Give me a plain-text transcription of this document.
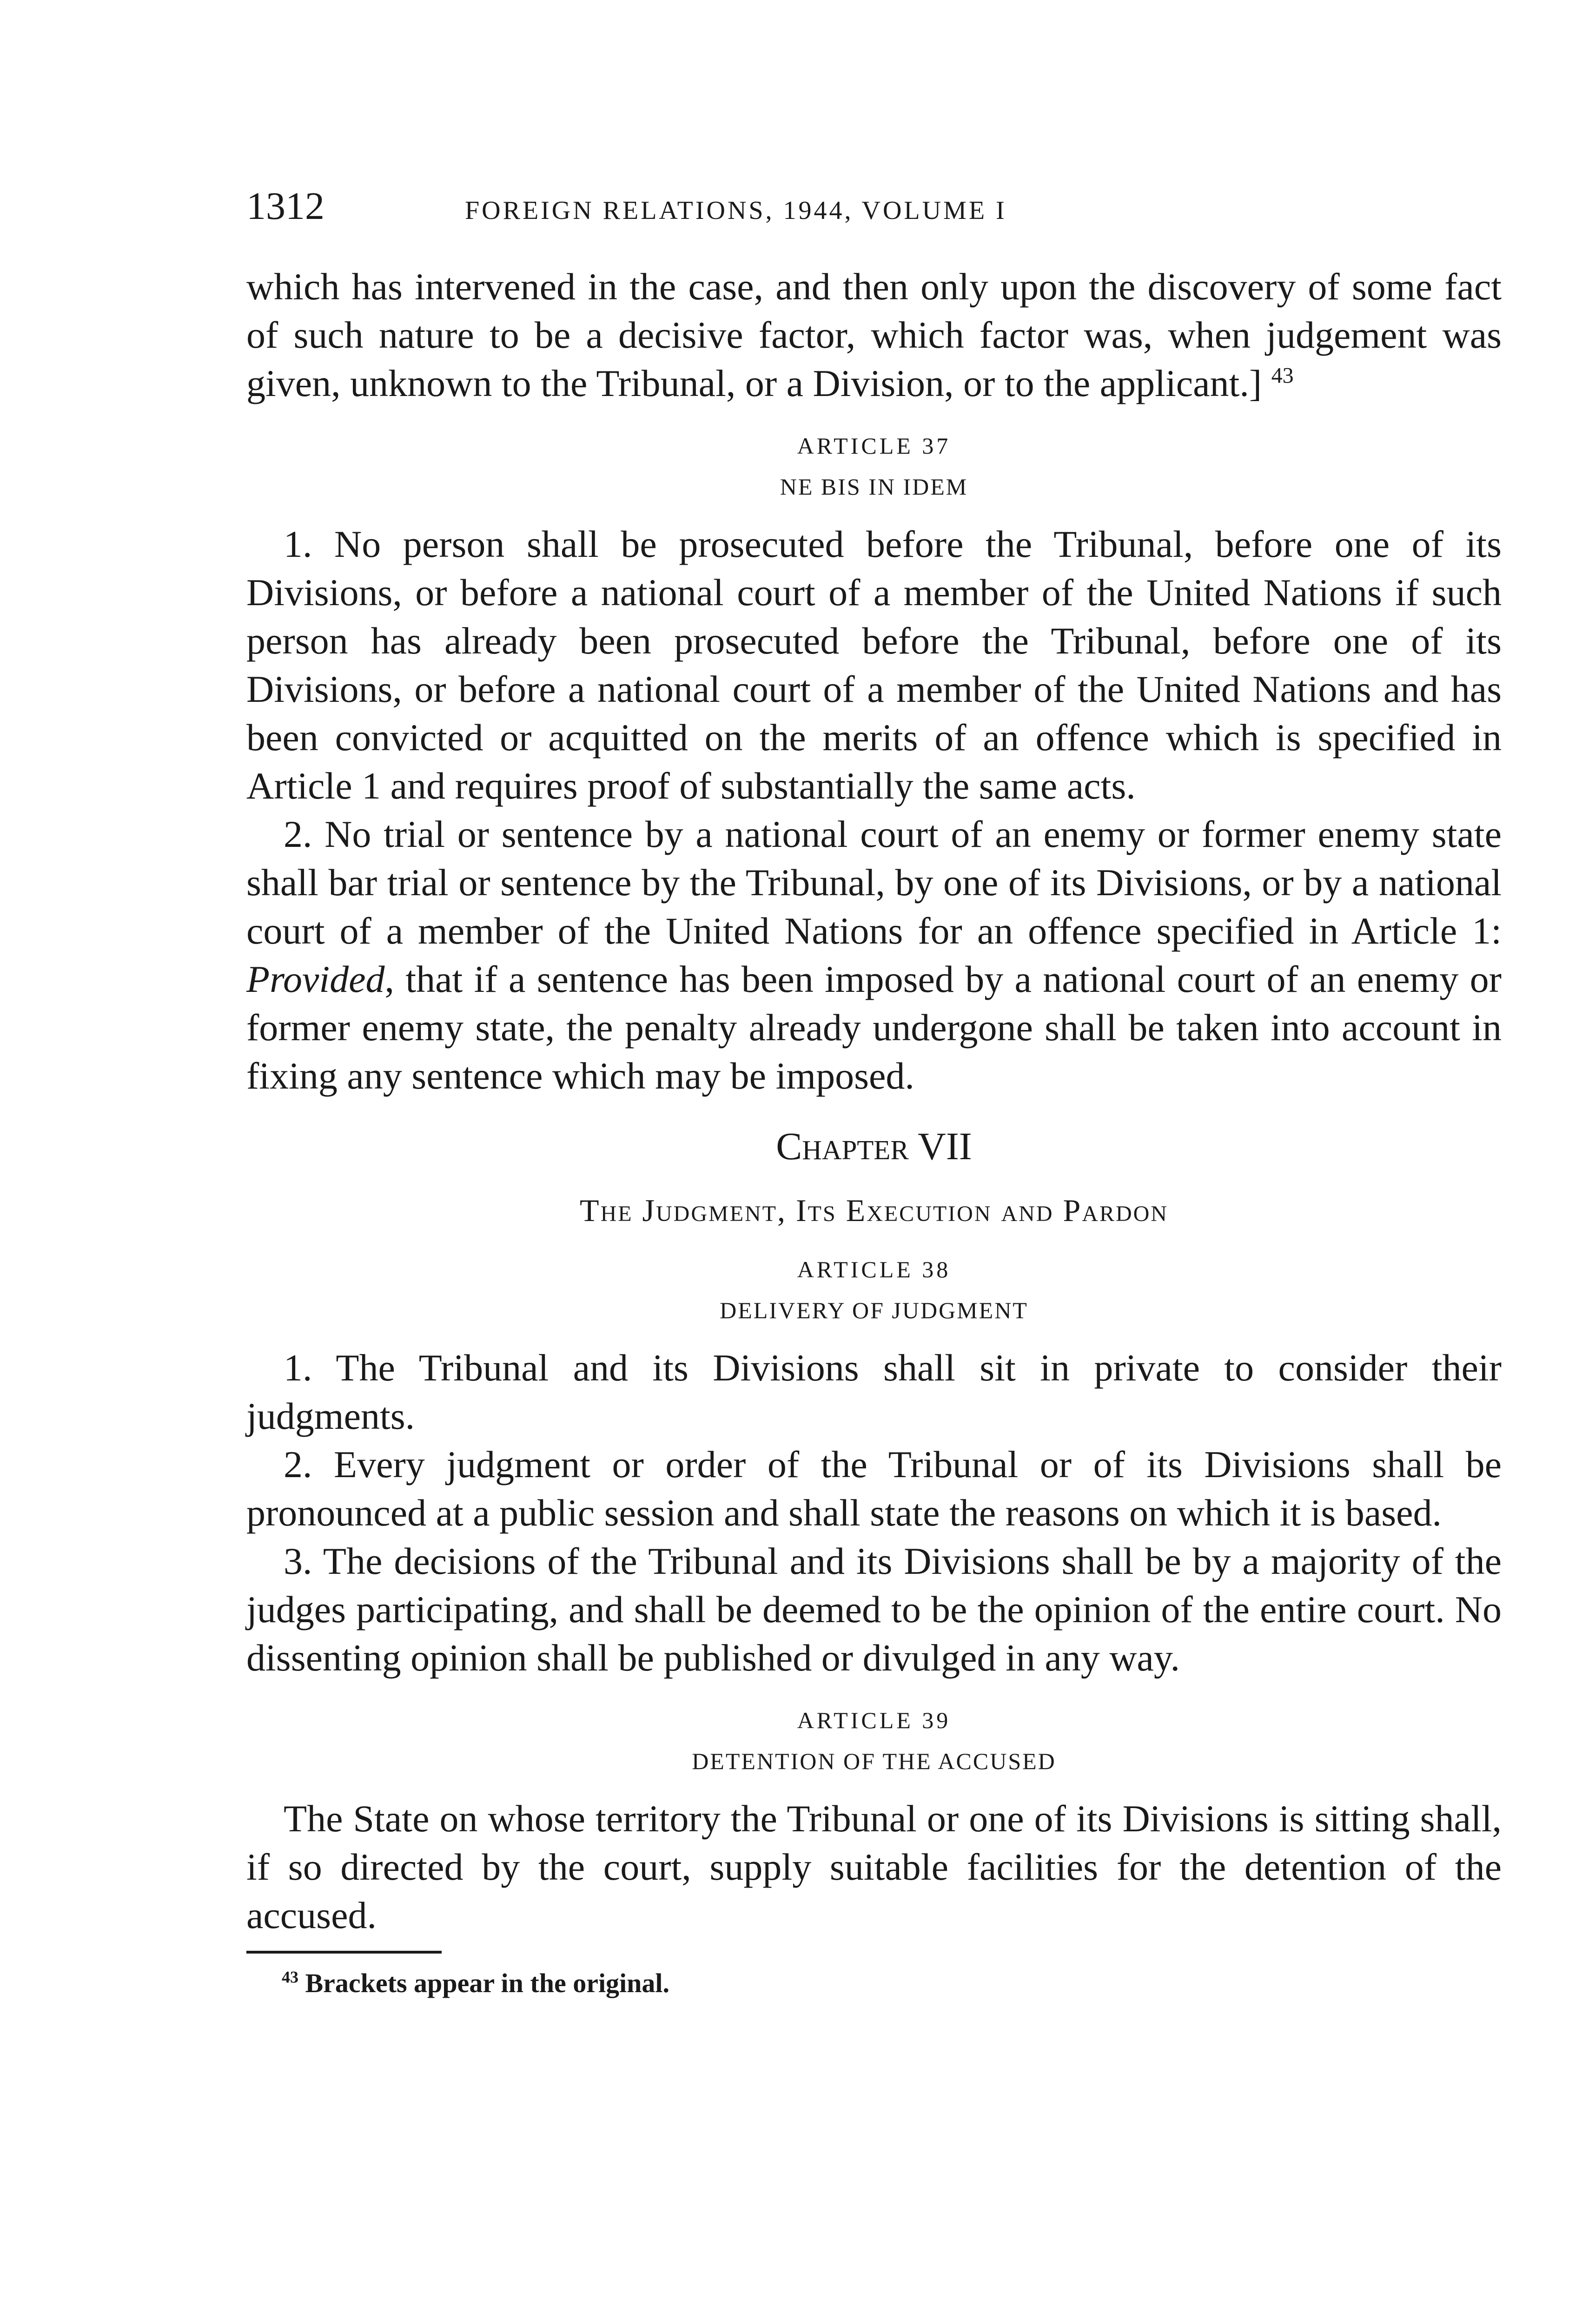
1312	FOREIGN RELATIONS, 1944, VOLUME I

which has intervened in the case, and then only upon the discovery of some fact of such nature to be a decisive factor, which factor was, when judgement was given, unknown to the Tribunal, or a Division, or to the applicant.] $^{43}$

ARTICLE 37
NE BIS IN IDEM

1. No person shall be prosecuted before the Tribunal, before one of its Divisions, or before a national court of a member of the United Nations if such person has already been prosecuted before the Tribunal, before one of its Divisions, or before a national court of a member of the United Nations and has been convicted or acquitted on the merits of an offence which is specified in Article 1 and requires proof of substantially the same acts.

2. No trial or sentence by a national court of an enemy or former enemy state shall bar trial or sentence by the Tribunal, by one of its Divisions, or by a national court of a member of the United Nations for an offence specified in Article 1: Provided, that if a sentence has been imposed by a national court of an enemy or former enemy state, the penalty already undergone shall be taken into account in fixing any sentence which may be imposed.

Chapter VII
The Judgment, Its Execution and Pardon
ARTICLE 38
DELIVERY OF JUDGMENT

1. The Tribunal and its Divisions shall sit in private to consider their judgments.

2. Every judgment or order of the Tribunal or of its Divisions shall be pronounced at a public session and shall state the reasons on which it is based.

3. The decisions of the Tribunal and its Divisions shall be by a majority of the judges participating, and shall be deemed to be the opinion of the entire court. No dissenting opinion shall be published or divulged in any way.

ARTICLE 39
DETENTION OF THE ACCUSED

The State on whose territory the Tribunal or one of its Divisions is sitting shall, if so directed by the court, supply suitable facilities for the detention of the accused.

$^{43}$ Brackets appear in the original.
